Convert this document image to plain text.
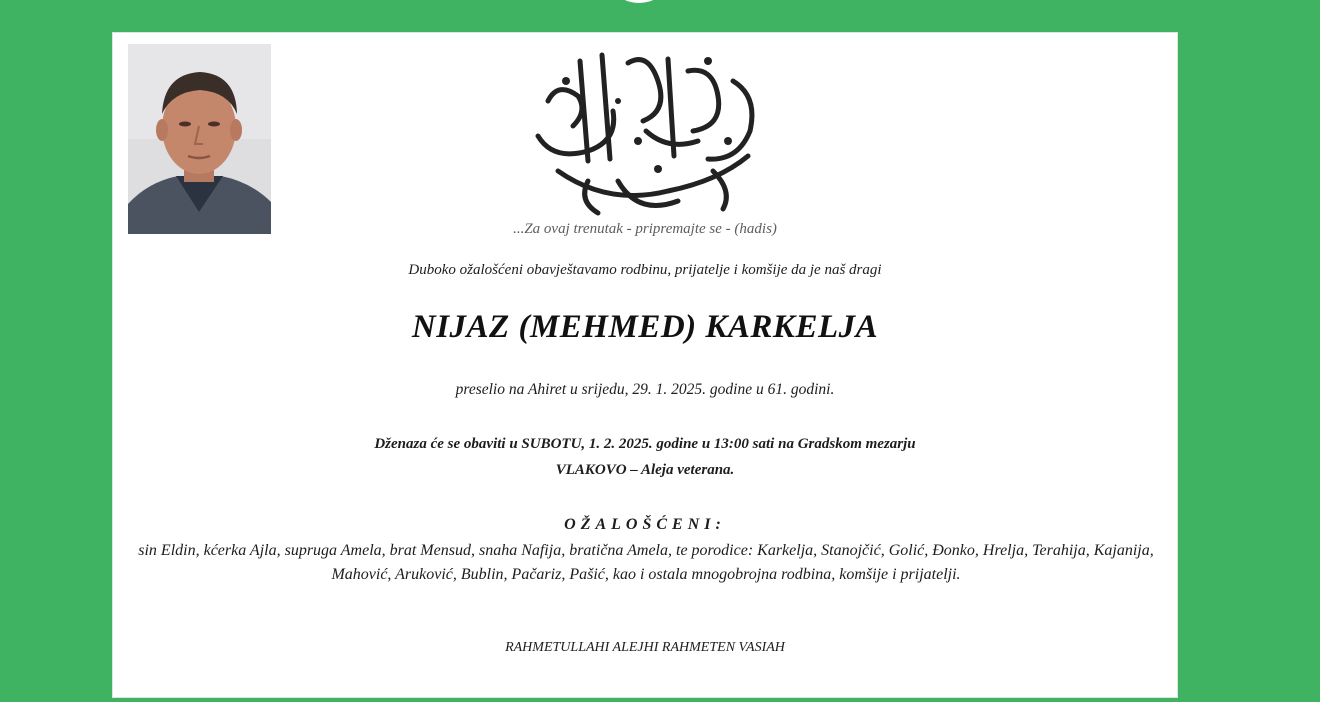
...Za ovaj trenutak - pripremajte se - (hadis)
Duboko ožalošćeni obavještavamo rodbinu, prijatelje i komšije da je naš dragi
NIJAZ (MEHMED) KARKELJA
preselio na Ahiret u srijedu, 29. 1. 2025. godine u 61. godini.
Dženaza će se obaviti u SUBOTU, 1. 2. 2025. godine u 13:00 sati na Gradskom mezarju
VLAKOVO – Aleja veterana.
OŽALOŠĆENI:
sin Eldin, kćerka Ajla, supruga Amela, brat Mensud, snaha Nafija, bratična Amela, te porodice: Karkelja, Stanojčić, Golić, Đonko, Hrelja, Terahija, Kajanija, Mahović, Aruković, Bublin, Pačariz, Pašić, kao i ostala mnogobrojna rodbina, komšije i prijatelji.
RAHMETULLAHI ALEJHI RAHMETEN VASIAH
